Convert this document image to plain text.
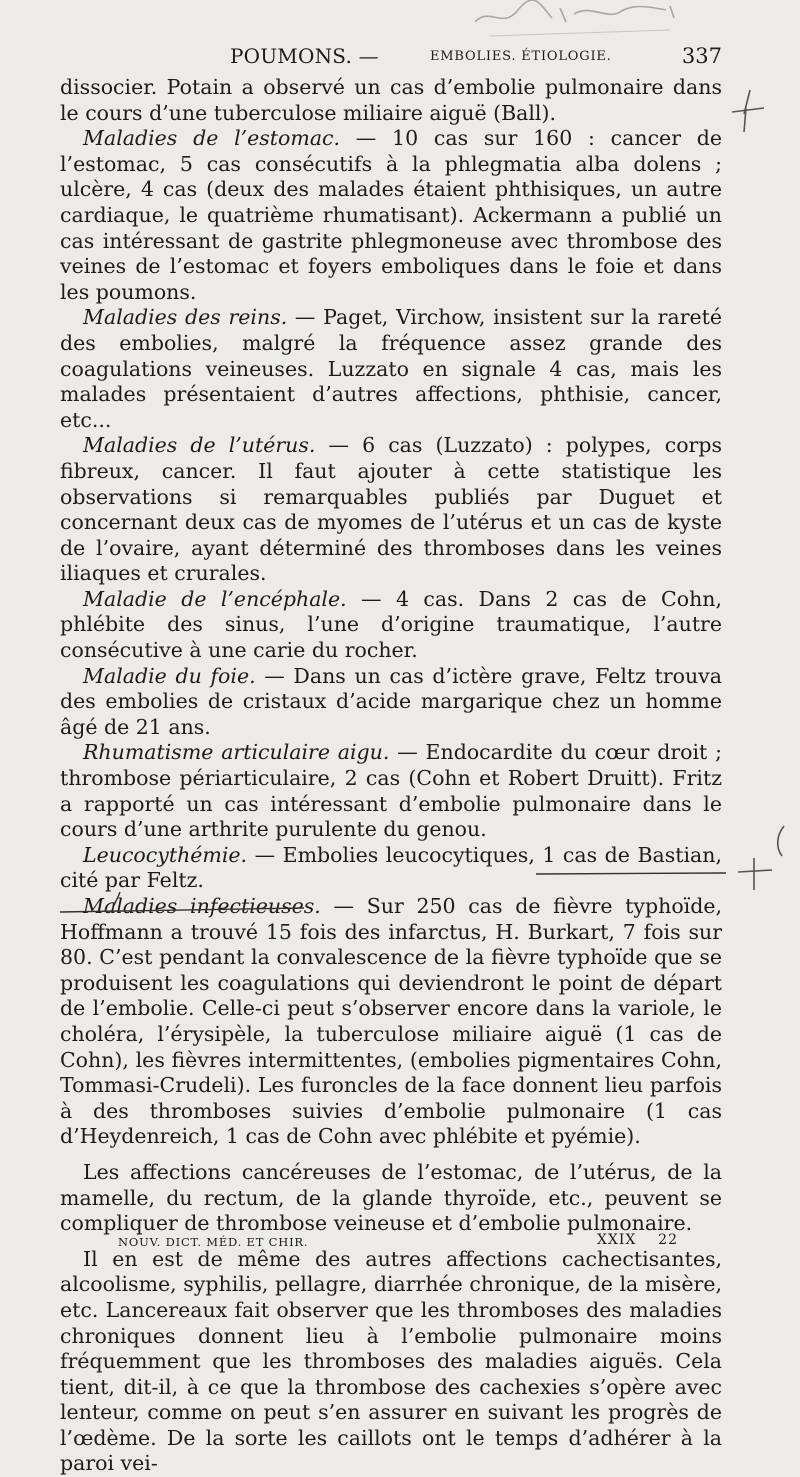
POUMONS. —	EMBOLIES. ÉTIOLOGIE.	337

dissocier. Potain a observé un cas d’embolie pulmonaire dans le cours d’une tuberculose miliaire aiguë (Ball).

Maladies de l’estomac. — 10 cas sur 160 : cancer de l’estomac, 5 cas consécutifs à la phlegmatia alba dolens ; ulcère, 4 cas (deux des malades étaient phthisiques, un autre cardiaque, le quatrième rhumatisant). Ackermann a publié un cas intéressant de gastrite phlegmoneuse avec thrombose des veines de l’estomac et foyers emboliques dans le foie et dans les poumons.

Maladies des reins. — Paget, Virchow, insistent sur la rareté des embolies, malgré la fréquence assez grande des coagulations veineuses. Luzzato en signale 4 cas, mais les malades présentaient d’autres affections, phthisie, cancer, etc...

Maladies de l’utérus. — 6 cas (Luzzato) : polypes, corps fibreux, cancer. Il faut ajouter à cette statistique les observations si remarquables publiés par Duguet et concernant deux cas de myomes de l’utérus et un cas de kyste de l’ovaire, ayant déterminé des thromboses dans les veines iliaques et crurales.

Maladie de l’encéphale. — 4 cas. Dans 2 cas de Cohn, phlébite des sinus, l’une d’origine traumatique, l’autre consécutive à une carie du rocher.

Maladie du foie. — Dans un cas d’ictère grave, Feltz trouva des embolies de cristaux d’acide margarique chez un homme âgé de 21 ans.

Rhumatisme articulaire aigu. — Endocardite du cœur droit ; thrombose périarticulaire, 2 cas (Cohn et Robert Druitt). Fritz a rapporté un cas intéressant d’embolie pulmonaire dans le cours d’une arthrite purulente du genou.

Leucocythémie. — Embolies leucocytiques, 1 cas de Bastian, cité par Feltz.

Maladies infectieuses. — Sur 250 cas de fièvre typhoïde, Hoffmann a trouvé 15 fois des infarctus, H. Burkart, 7 fois sur 80. C’est pendant la convalescence de la fièvre typhoïde que se produisent les coagulations qui deviendront le point de départ de l’embolie. Celle-ci peut s’observer encore dans la variole, le choléra, l’érysipèle, la tuberculose miliaire aiguë (1 cas de Cohn), les fièvres intermittentes, (embolies pigmentaires Cohn, Tommasi-Crudeli). Les furoncles de la face donnent lieu parfois à des thromboses suivies d’embolie pulmonaire (1 cas d’Heydenreich, 1 cas de Cohn avec phlébite et pyémie).

Les affections cancéreuses de l’estomac, de l’utérus, de la mamelle, du rectum, de la glande thyroïde, etc., peuvent se compliquer de thrombose veineuse et d’embolie pulmonaire.

Il en est de même des autres affections cachectisantes, alcoolisme, syphilis, pellagre, diarrhée chronique, de la misère, etc. Lancereaux fait observer que les thromboses des maladies chroniques donnent lieu à l’embolie pulmonaire moins fréquemment que les thromboses des maladies aiguës. Cela tient, dit-il, à ce que la thrombose des cachexies s’opère avec lenteur, comme on peut s’en assurer en suivant les progrès de l’œdème. De la sorte les caillots ont le temps d’adhérer à la paroi vei-

NOUV. DICT. MÉD. ET CHIR.	XXIX    22
